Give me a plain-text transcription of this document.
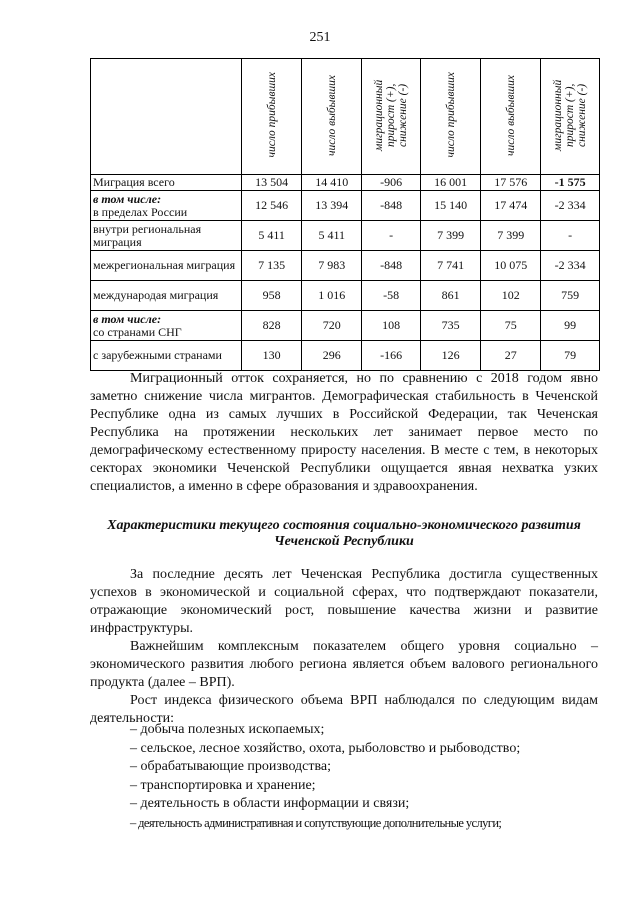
251
	число прибывших	число выбывших	миграционный прирост (+), снижение (-)	число прибывших	число выбывших	миграционный прирост (+), снижение (-)
Миграция всего	13 504	14 410	-906	16 001	17 576	-1 575

в том числе:
в пределах России	12 546	13 394	-848	15 140	17 474	-2 334
внутри региональная миграция	5 411	5 411	-	7 399	7 399	-
межрегиональная миграция	7 135	7 983	-848	7 741	10 075	-2 334
международая миграция	958	1 016	-58	861	102	759

в том числе:
со странами СНГ	828	720	108	735	75	99
с зарубежными странами	130	296	-166	126	27	79

Миграционный отток сохраняется, но по сравнению с 2018 годом явно заметно снижение числа мигрантов. Демографическая стабильность в Чеченской Республике одна из самых лучших в Российской Федерации, так Чеченская Республика на протяжении нескольких лет занимает первое место по демографическому естественному приросту населения. В месте с тем, в некоторых секторах экономики Чеченской Республики ощущается явная нехватка узких специалистов, а именно в сфере образования и здравоохранения.

Характеристики текущего состояния социально-экономического развития Чеченской Республики

За последние десять лет Чеченская Республика достигла существенных успехов в экономической и социальной сферах, что подтверждают показатели, отражающие экономический рост, повышение качества жизни и развитие инфраструктуры.

Важнейшим комплексным показателем общего уровня социально – экономического развития любого региона является объем валового регионального продукта (далее – ВРП).

Рост индекса физического объема ВРП наблюдался по следующим видам деятельности:

– добыча полезных ископаемых;
– сельское, лесное хозяйство, охота, рыболовство и рыбоводство;
– обрабатывающие производства;
– транспортировка и хранение;
– деятельность в области информации и связи;
– деятельность административная и сопутствующие дополнительные услуги;
